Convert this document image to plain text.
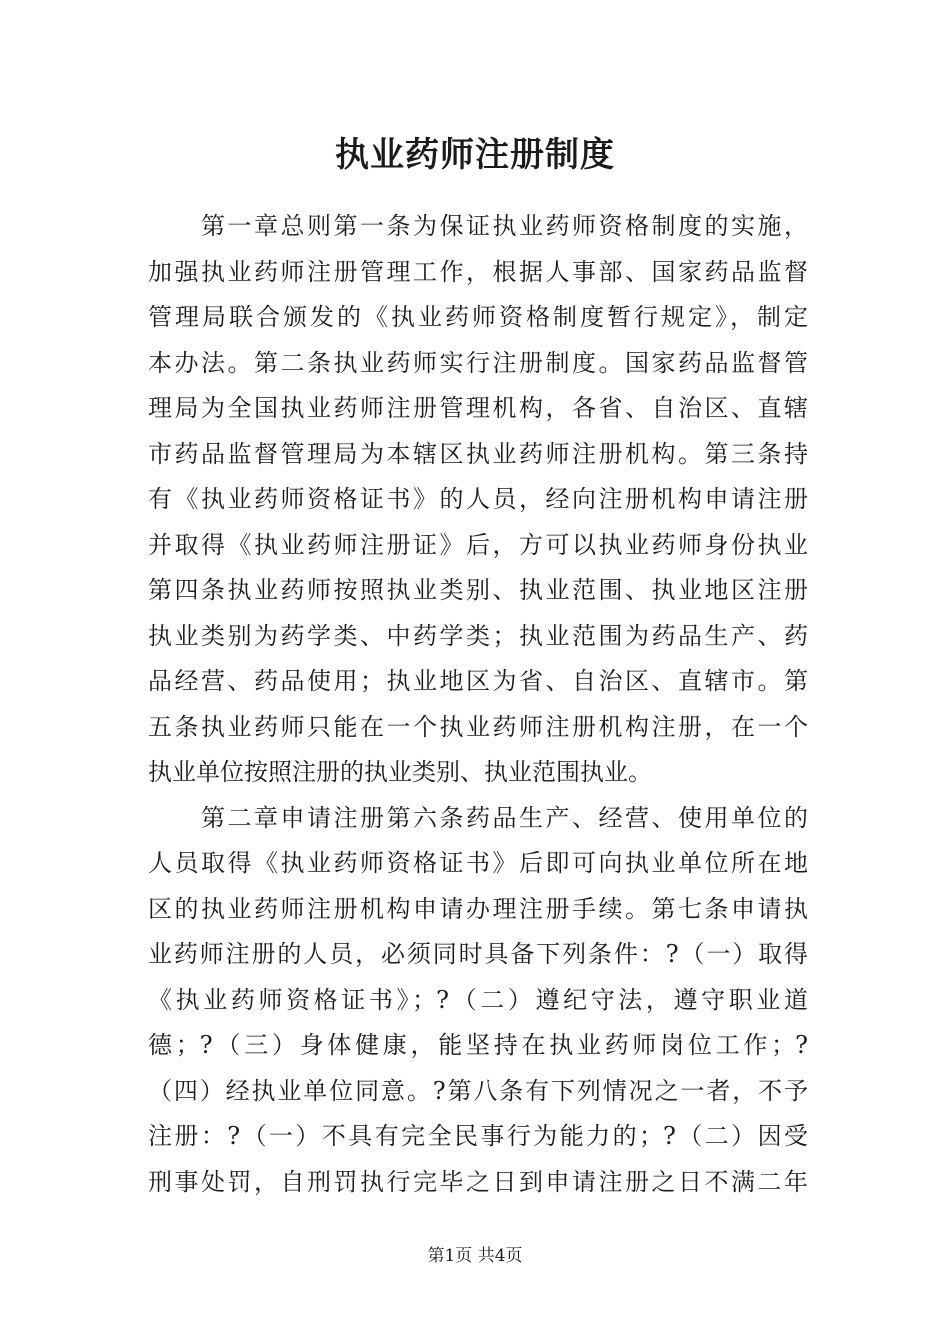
执业药师注册制度
　　第一章总则第一条为保证执业药师资格制度的实施，
加强执业药师注册管理工作，根据人事部、国家药品监督
管理局联合颁发的《执业药师资格制度暂行规定》，制定
本办法。第二条执业药师实行注册制度。国家药品监督管
理局为全国执业药师注册管理机构，各省、自治区、直辖
市药品监督管理局为本辖区执业药师注册机构。第三条持
有《执业药师资格证书》的人员，经向注册机构申请注册
并取得《执业药师注册证》后，方可以执业药师身份执业
第四条执业药师按照执业类别、执业范围、执业地区注册
执业类别为药学类、中药学类；执业范围为药品生产、药
品经营、药品使用；执业地区为省、自治区、直辖市。第
五条执业药师只能在一个执业药师注册机构注册，在一个
执业单位按照注册的执业类别、执业范围执业。
　　第二章申请注册第六条药品生产、经营、使用单位的
人员取得《执业药师资格证书》后即可向执业单位所在地
区的执业药师注册机构申请办理注册手续。第七条申请执
业药师注册的人员，必须同时具备下列条件：?（一）取得
《执业药师资格证书》；?（二）遵纪守法，遵守职业道
德；?（三）身体健康，能坚持在执业药师岗位工作；?
（四）经执业单位同意。?第八条有下列情况之一者，不予
注册：?（一）不具有完全民事行为能力的；?（二）因受
刑事处罚，自刑罚执行完毕之日到申请注册之日不满二年
第1页 共4页
